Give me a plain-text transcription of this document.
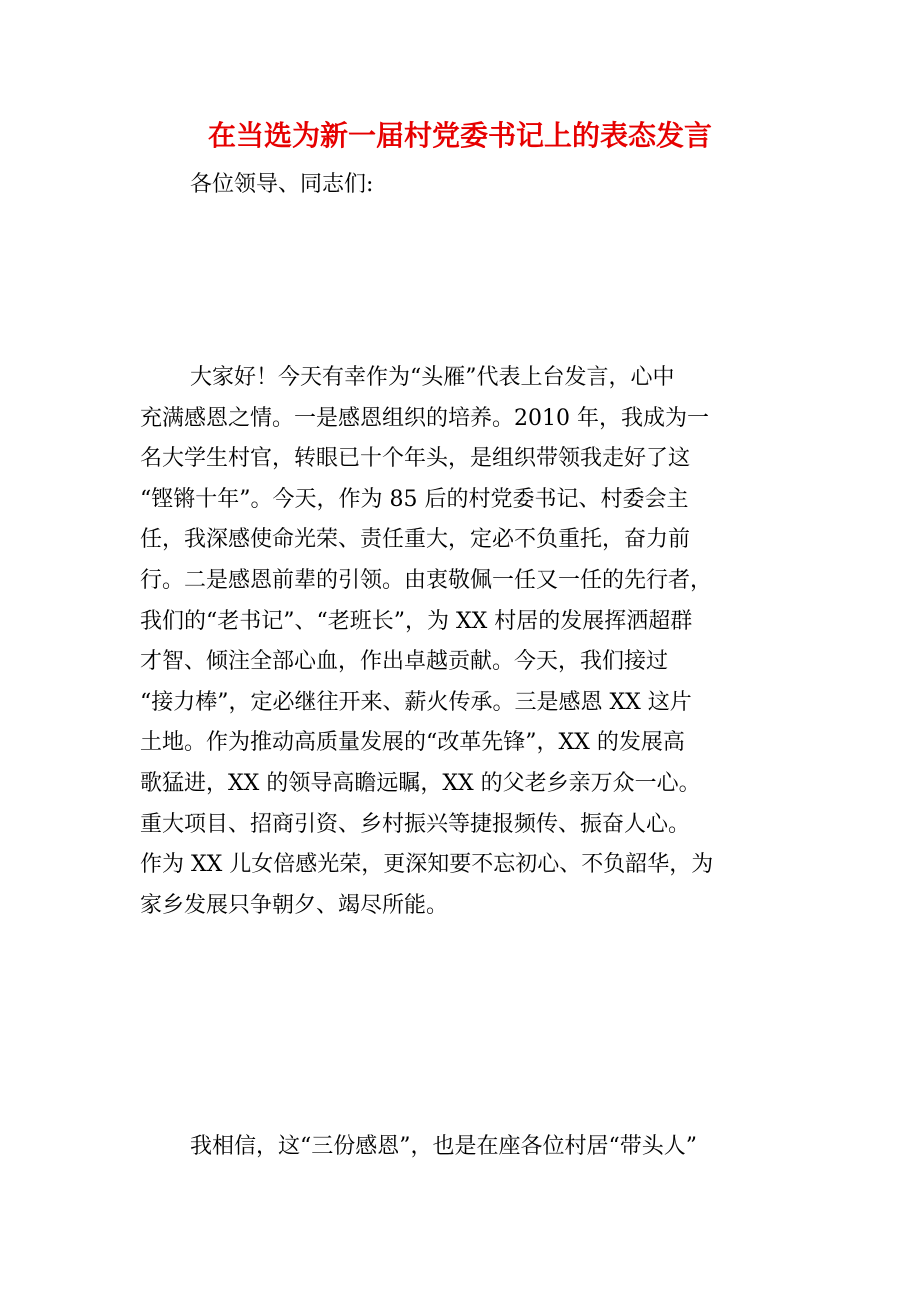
在当选为新一届村党委书记上的表态发言
各位领导、同志们:
大家好！今天有幸作为“头雁”代表上台发言，心中
充满感恩之情。一是感恩组织的培养。2010 年，我成为一
名大学生村官，转眼已十个年头，是组织带领我走好了这
“铿锵十年”。今天，作为 85 后的村党委书记、村委会主
任，我深感使命光荣、责任重大，定必不负重托，奋力前
行。二是感恩前辈的引领。由衷敬佩一任又一任的先行者，
我们的“老书记”、“老班长”，为 XX 村居的发展挥洒超群
才智、倾注全部心血，作出卓越贡献。今天，我们接过
“接力棒”，定必继往开来、薪火传承。三是感恩 XX 这片
土地。作为推动高质量发展的“改革先锋”，XX 的发展高
歌猛进，XX 的领导高瞻远瞩，XX 的父老乡亲万众一心。
重大项目、招商引资、乡村振兴等捷报频传、振奋人心。
作为 XX 儿女倍感光荣，更深知要不忘初心、不负韶华，为
家乡发展只争朝夕、竭尽所能。
我相信，这“三份感恩”，也是在座各位村居“带头人”
